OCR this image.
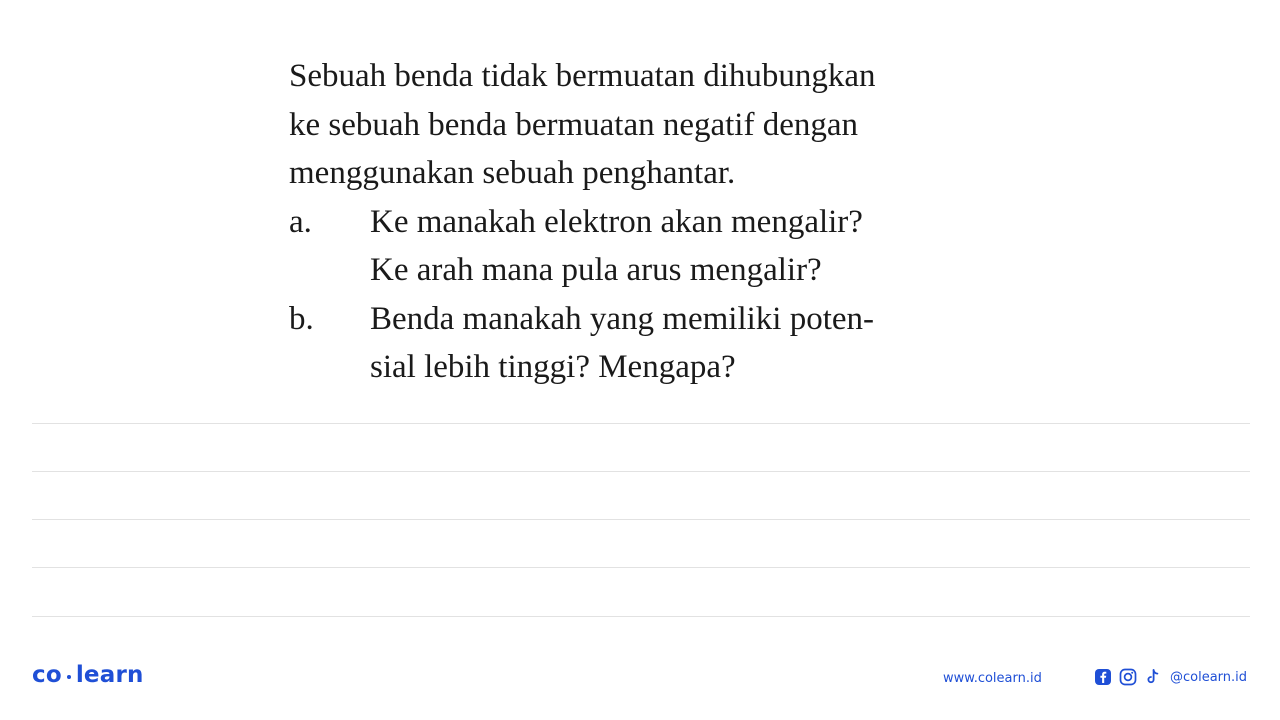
Sebuah benda tidak bermuatan dihubungkan
ke sebuah benda bermuatan negatif dengan
menggunakan sebuah penghantar.
a. Ke manakah elektron akan mengalir?
Ke arah mana pula arus mengalir?
b. Benda manakah yang memiliki poten-
sial lebih tinggi? Mengapa?
co learn	www.colearn.id	@colearn.id
